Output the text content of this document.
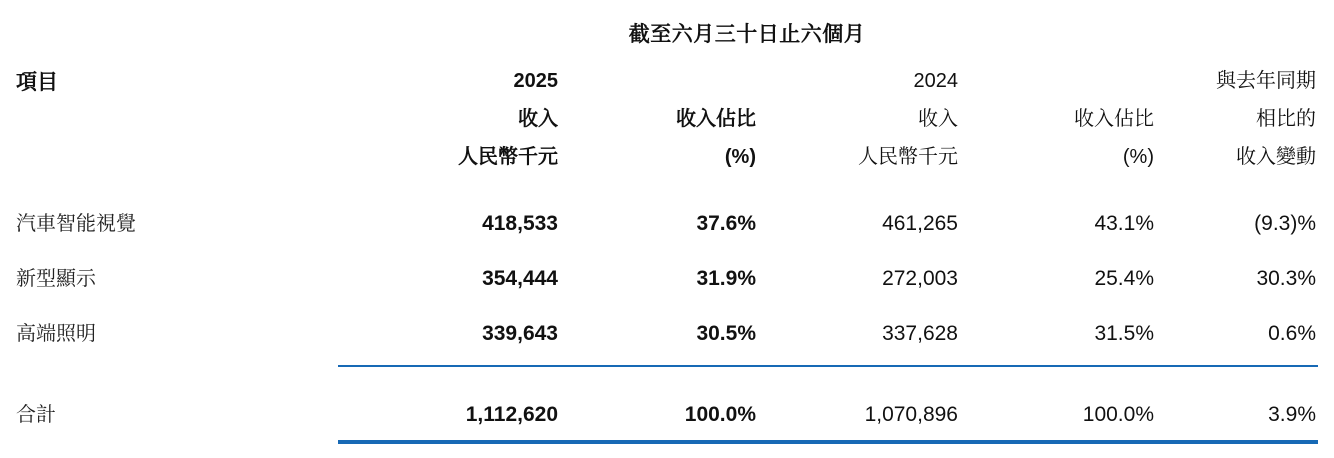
	截至六月三十日止六個月				
項目	2025		2024		與去年同期
	收入	收入佔比	收入	收入佔比	相比的
	人民幣千元	(%)	人民幣千元	(%)	收入變動

汽車智能視覺	418,533	37.6%	461,265	43.1%	(9.3)%
新型顯示	354,444	31.9%	272,003	25.4%	30.3%
高端照明	339,643	30.5%	337,628	31.5%	0.6%

合計	1,112,620	100.0%	1,070,896	100.0%	3.9%
